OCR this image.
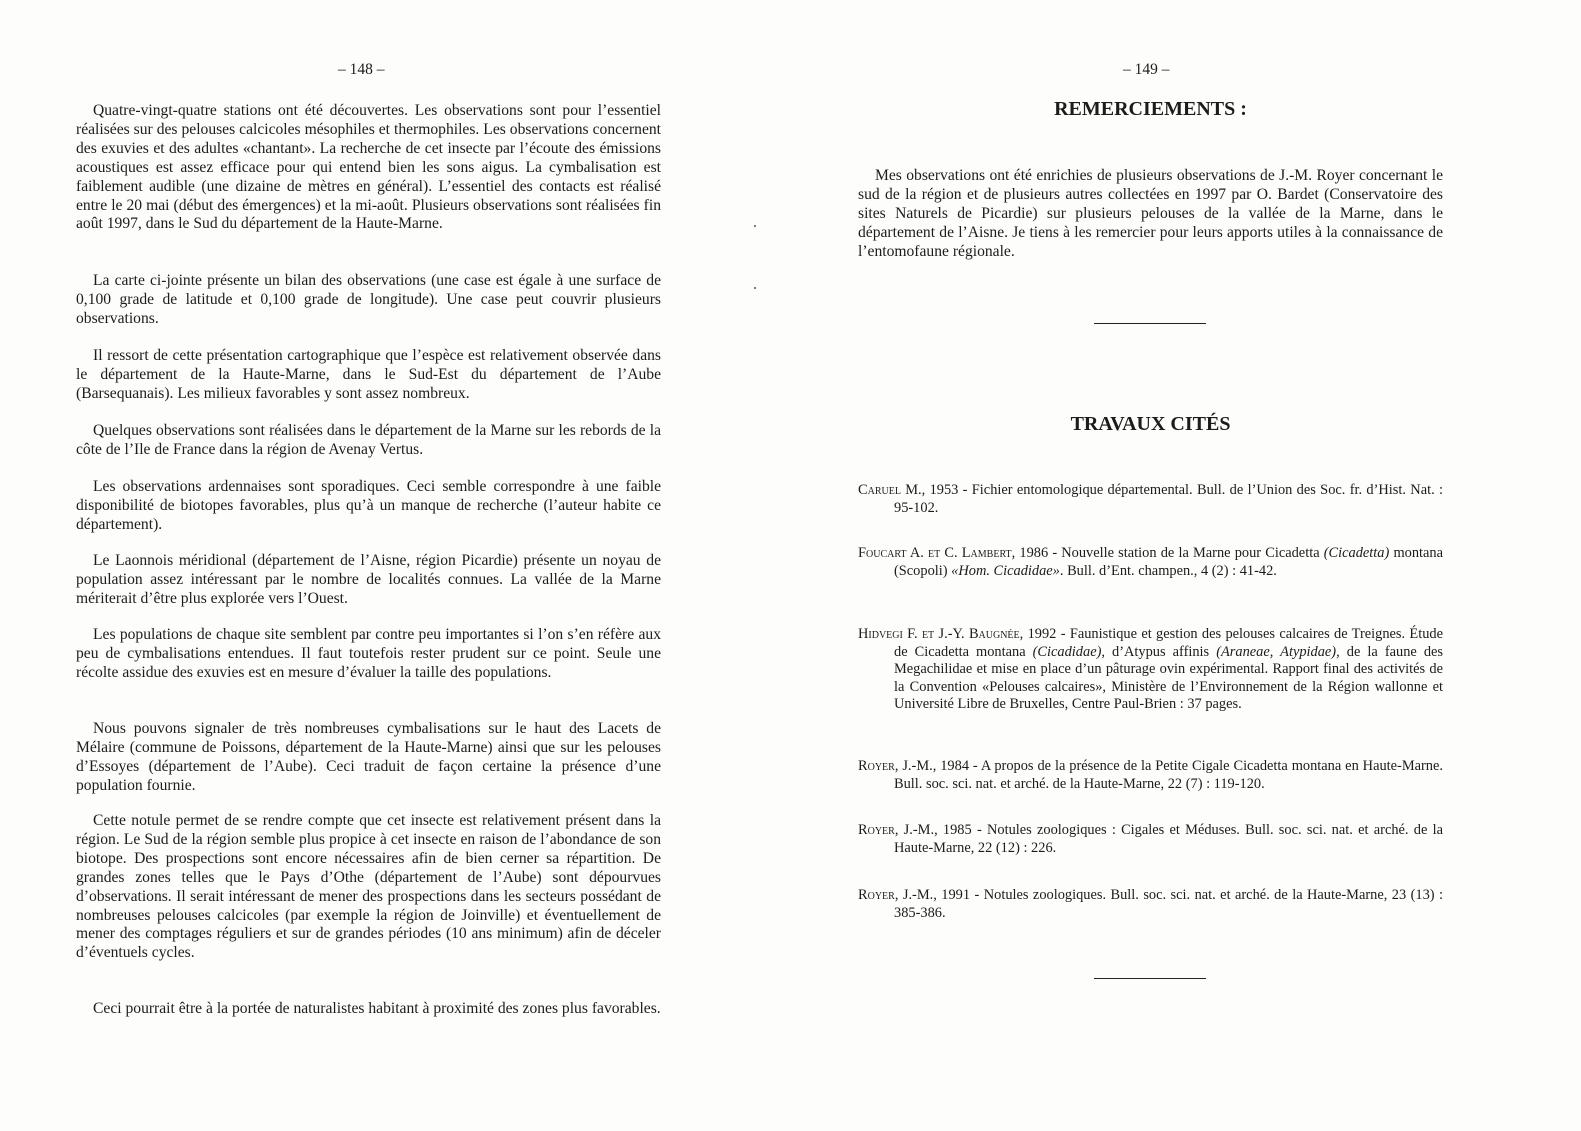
– 148 –

Quatre-vingt-quatre stations ont été découvertes. Les observations sont pour l’essentiel réalisées sur des pelouses calcicoles mésophiles et thermophiles. Les observations concernent des exuvies et des adultes «chantant». La recherche de cet insecte par l’écoute des émissions acoustiques est assez efficace pour qui entend bien les sons aigus. La cymbalisation est faiblement audible (une dizaine de mètres en général). L’essentiel des contacts est réalisé entre le 20 mai (début des émergences) et la mi-août. Plusieurs observations sont réalisées fin août 1997, dans le Sud du département de la Haute-Marne.

La carte ci-jointe présente un bilan des observations (une case est égale à une surface de 0,100 grade de latitude et 0,100 grade de longitude). Une case peut couvrir plusieurs observations.

Il ressort de cette présentation cartographique que l’espèce est relativement observée dans le département de la Haute-Marne, dans le Sud-Est du département de l’Aube (Barsequanais). Les milieux favorables y sont assez nombreux.

Quelques observations sont réalisées dans le département de la Marne sur les rebords de la côte de l’Ile de France dans la région de Avenay Vertus.

Les observations ardennaises sont sporadiques. Ceci semble correspondre à une faible disponibilité de biotopes favorables, plus qu’à un manque de recherche (l’auteur habite ce département).

Le Laonnois méridional (département de l’Aisne, région Picardie) présente un noyau de population assez intéressant par le nombre de localités connues. La vallée de la Marne mériterait d’être plus explorée vers l’Ouest.

Les populations de chaque site semblent par contre peu importantes si l’on s’en réfère aux peu de cymbalisations entendues. Il faut toutefois rester prudent sur ce point. Seule une récolte assidue des exuvies est en mesure d’évaluer la taille des populations.

Nous pouvons signaler de très nombreuses cymbalisations sur le haut des Lacets de Mélaire (commune de Poissons, département de la Haute-Marne) ainsi que sur les pelouses d’Essoyes (département de l’Aube). Ceci traduit de façon certaine la présence d’une population fournie.

Cette notule permet de se rendre compte que cet insecte est relativement présent dans la région. Le Sud de la région semble plus propice à cet insecte en raison de l’abondance de son biotope. Des prospections sont encore nécessaires afin de bien cerner sa répartition. De grandes zones telles que le Pays d’Othe (département de l’Aube) sont dépourvues d’observations. Il serait intéressant de mener des prospections dans les secteurs possédant de nombreuses pelouses calcicoles (par exemple la région de Joinville) et éventuellement de mener des comptages réguliers et sur de grandes périodes (10 ans minimum) afin de déceler d’éventuels cycles.

Ceci pourrait être à la portée de naturalistes habitant à proximité des zones plus favorables.

– 149 –
REMERCIEMENTS :

Mes observations ont été enrichies de plusieurs observations de J.-M. Royer concernant le sud de la région et de plusieurs autres collectées en 1997 par O. Bardet (Conservatoire des sites Naturels de Picardie) sur plusieurs pelouses de la vallée de la Marne, dans le département de l’Aisne. Je tiens à les remercier pour leurs apports utiles à la connaissance de l’entomofaune régionale.

TRAVAUX CITÉS

Caruel M., 1953 - Fichier entomologique départemental. Bull. de l’Union des Soc. fr. d’Hist. Nat. : 95-102.

Foucart A. et C. Lambert, 1986 - Nouvelle station de la Marne pour Cicadetta (Cicadetta) montana (Scopoli) «Hom. Cicadidae». Bull. d’Ent. champen., 4 (2) : 41-42.

Hidvegi F. et J.-Y. Baugnée, 1992 - Faunistique et gestion des pelouses calcaires de Treignes. Étude de Cicadetta montana (Cicadidae), d’Atypus affinis (Araneae, Atypidae), de la faune des Megachilidae et mise en place d’un pâturage ovin expérimental. Rapport final des activités de la Convention «Pelouses calcaires», Ministère de l’Environnement de la Région wallonne et Université Libre de Bruxelles, Centre Paul-Brien : 37 pages.

Royer, J.-M., 1984 - A propos de la présence de la Petite Cigale Cicadetta montana en Haute-Marne. Bull. soc. sci. nat. et arché. de la Haute-Marne, 22 (7) : 119-120.

Royer, J.-M., 1985 - Notules zoologiques : Cigales et Méduses. Bull. soc. sci. nat. et arché. de la Haute-Marne, 22 (12) : 226.

Royer, J.-M., 1991 - Notules zoologiques. Bull. soc. sci. nat. et arché. de la Haute-Marne, 23 (13) : 385-386.
